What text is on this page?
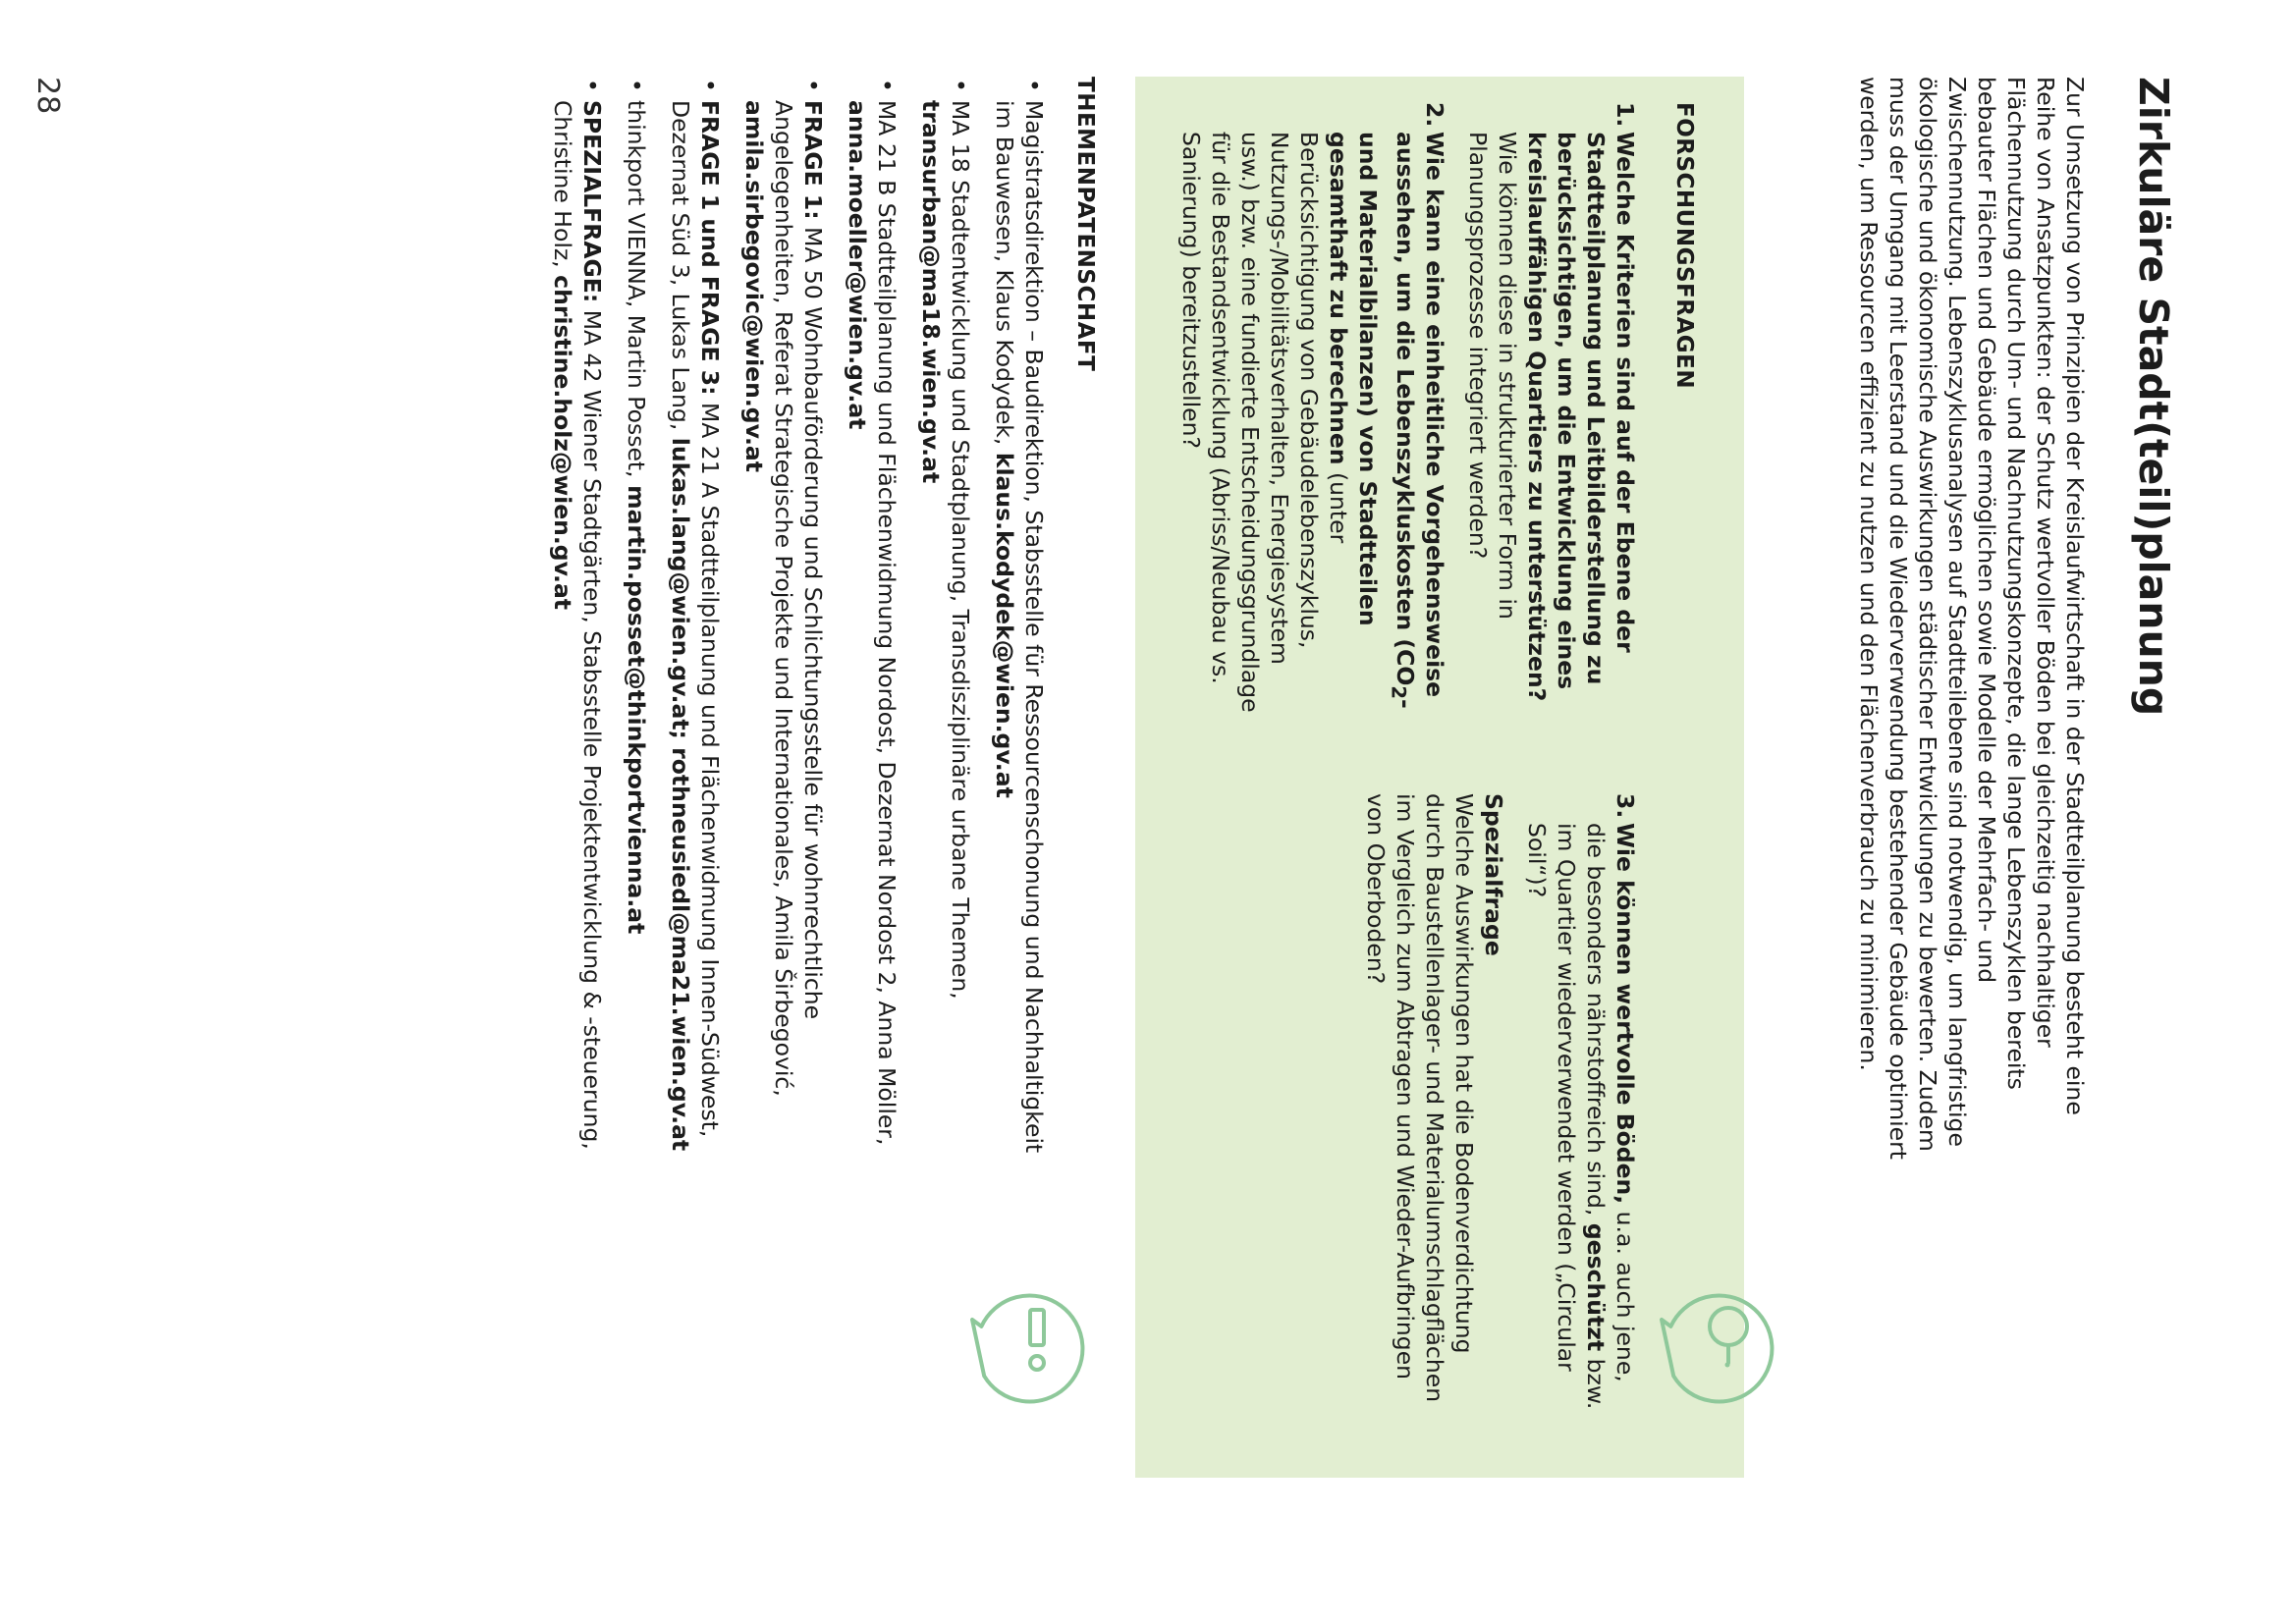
28	Zirkuläre Stadt(teil)planung

Zur Umsetzung von Prinzipien der Kreislaufwirtschaft in der Stadtteilplanung besteht eine Reihe von Ansatzpunkten: der Schutz wertvoller Böden bei gleichzeitig nachhaltiger Flächennutzung durch Um- und Nachnutzungskonzepte, die lange Lebenszyklen bereits bebauter Flächen und Gebäude ermöglichen sowie Modelle der Mehrfach- und Zwischennutzung. Lebenszyklusanalysen auf Stadtteilebene sind notwendig, um langfristige ökologische und ökonomische Auswirkungen städtischer Entwicklungen zu bewerten. Zudem muss der Umgang mit Leerstand und die Wiederverwendung bestehender Gebäude optimiert werden, um Ressourcen effizient zu nutzen und den Flächenverbrauch zu minimieren.

FORSCHUNGSFRAGEN
1.
Welche Kriterien sind auf der Ebene der Stadtteilplanung und Leitbilderstellung zu berücksichtigen, um die Entwicklung eines kreislauffähigen Quartiers zu unterstützen? Wie können diese in strukturierter Form in Planungsprozesse integriert werden?
2.
Wie kann eine einheitliche Vorgehensweise aussehen, um die Lebenszykluskosten ($CO_2-$ und Materialbilanzen) von Stadtteilen gesamthaft zu berechnen (unter Berücksichtigung von Gebäudelebenszyklus, Nutzungs-/Mobilitätsverhalten, Energiesystem usw.) bzw. eine fundierte Entscheidungsgrundlage für die Bestandsentwicklung (Abriss/Neubau vs. Sanierung) bereitzustellen?
3.
Wie können wertvolle Böden, u.a. auch jene, die besonders nährstoffreich sind, geschützt bzw. im Quartier wiederverwendet werden („Circular Soil“)?

Spezialfrage

Welche Auswirkungen hat die Bodenverdichtung durch Baustellenlager- und Materialumschlagflächen im Vergleich zum Abtragen und Wieder-Aufbringen von Oberboden?

THEMENPATENSCHAFT
• Magistratsdirektion – Baudirektion, Stabsstelle für Ressourcenschonung und Nachhaltigkeit im Bauwesen, Klaus Kodydek, klaus.kodydek@wien.gv.at
• MA 18 Stadtentwicklung und Stadtplanung, Transdisziplinäre urbane Themen, transurban@ma18.wien.gv.at
• MA 21 B Stadtteilplanung und Flächenwidmung Nordost, Dezernat Nordost 2, Anna Möller, anna.moeller@wien.gv.at
• FRAGE 1: MA 50 Wohnbauförderung und Schlichtungsstelle für wohnrechtliche Angelegenheiten, Referat Strategische Projekte und Internationales, Amila Širbegović, amila.sirbegovic@wien.gv.at
• FRAGE 1 und FRAGE 3: MA 21 A Stadtteilplanung und Flächenwidmung Innen-Südwest, Dezernat Süd 3, Lukas Lang, lukas.lang@wien.gv.at; rothneusiedl@ma21.wien.gv.at
• thinkport VIENNA, Martin Posset, martin.posset@thinkportvienna.at
• SPEZIALFRAGE: MA 42 Wiener Stadtgärten, Stabsstelle Projektentwicklung & -steuerung, Christine Holz, christine.holz@wien.gv.at
